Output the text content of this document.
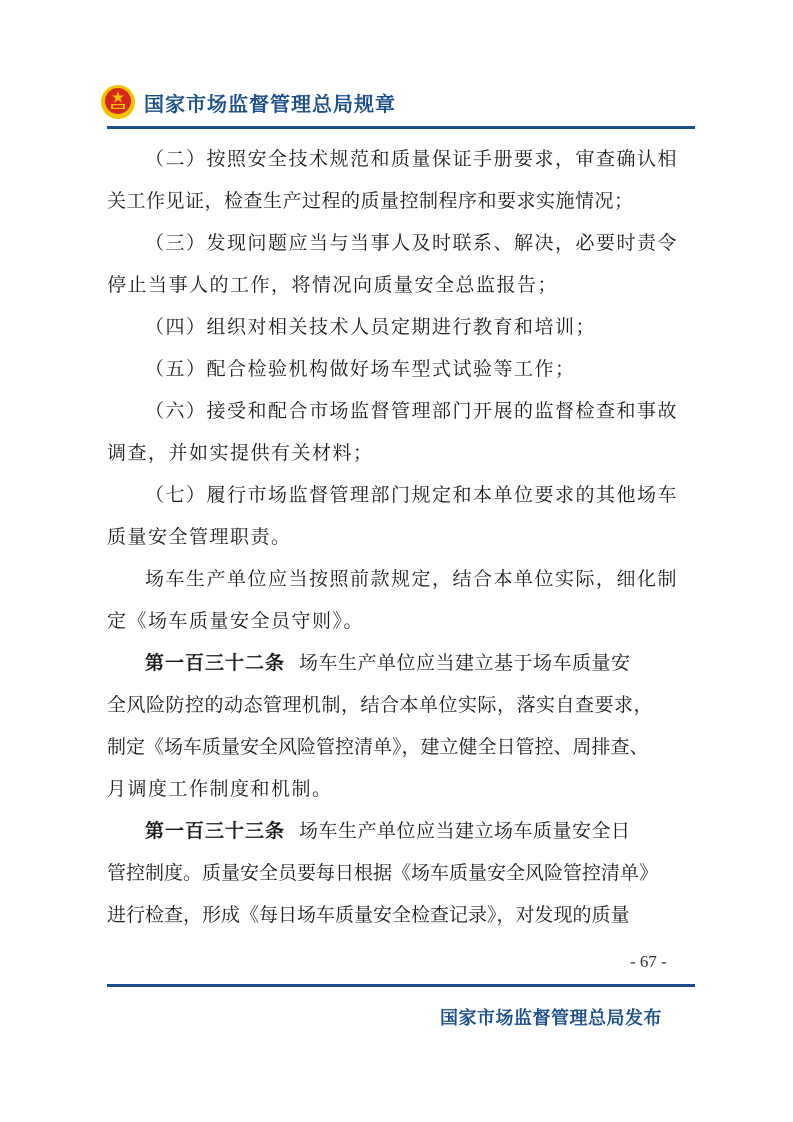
国家市场监督管理总局规章
（二）按照安全技术规范和质量保证手册要求，审查确认相
关工作见证，检查生产过程的质量控制程序和要求实施情况；
（三）发现问题应当与当事人及时联系、解决，必要时责令
停止当事人的工作，将情况向质量安全总监报告；
（四）组织对相关技术人员定期进行教育和培训；
（五）配合检验机构做好场车型式试验等工作；
（六）接受和配合市场监督管理部门开展的监督检查和事故
调查，并如实提供有关材料；
（七）履行市场监督管理部门规定和本单位要求的其他场车
质量安全管理职责。
场车生产单位应当按照前款规定，结合本单位实际，细化制
定《场车质量安全员守则》。
第一百三十二条 场车生产单位应当建立基于场车质量安
全风险防控的动态管理机制，结合本单位实际，落实自查要求，
制定《场车质量安全风险管控清单》，建立健全日管控、周排查、
月调度工作制度和机制。
第一百三十三条 场车生产单位应当建立场车质量安全日
管控制度。质量安全员要每日根据《场车质量安全风险管控清单》
进行检查，形成《每日场车质量安全检查记录》，对发现的质量
- 67 -
国家市场监督管理总局发布
